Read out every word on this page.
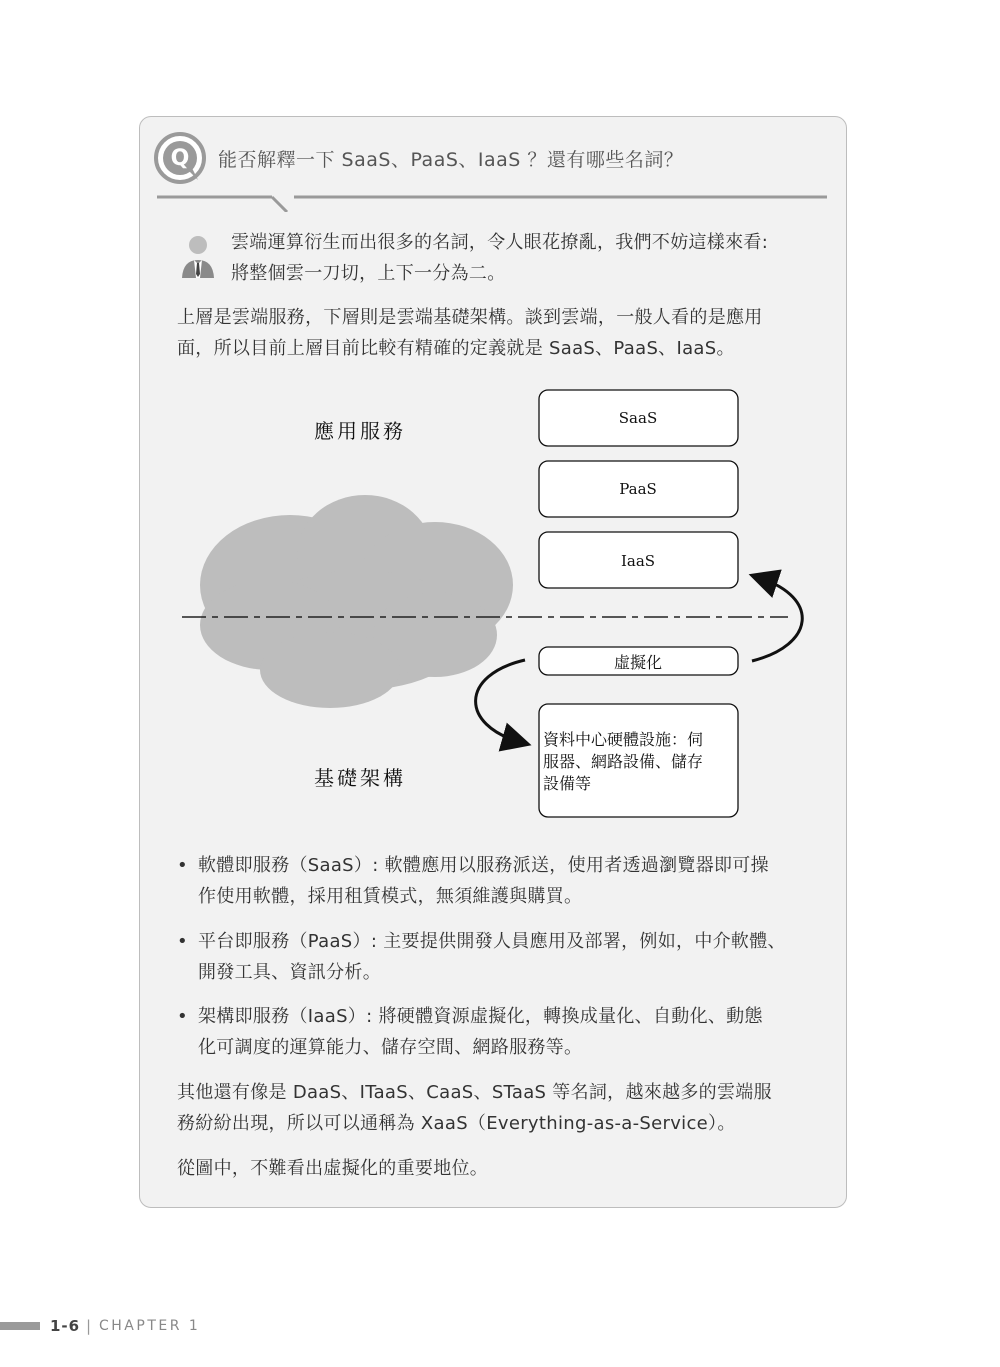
Q 能否解釋一下 SaaS、PaaS、IaaS ？還有哪些名詞？
雲端運算衍生而出很多的名詞，令人眼花撩亂，我們不妨這樣來看:
將整個雲一刀切，上下一分為二。
上層是雲端服務，下層則是雲端基礎架構。談到雲端，一般人看的是應用
面，所以目前上層目前比較有精確的定義就是 SaaS、PaaS、IaaS。
應用服務
基礎架構
SaaS
PaaS
IaaS
虛擬化
資料中心硬體設施：伺
服器、網路設備、儲存
設備等
• 軟體即服務（SaaS）: 軟體應用以服務派送，使用者透過瀏覽器即可操
作使用軟體，採用租賃模式，無須維護與購買。
• 平台即服務（PaaS）: 主要提供開發人員應用及部署，例如，中介軟體、
開發工具、資訊分析。
• 架構即服務（IaaS）: 將硬體資源虛擬化，轉換成量化、自動化、動態
化可調度的運算能力、儲存空間、網路服務等。
其他還有像是 DaaS、ITaaS、CaaS、STaaS 等名詞，越來越多的雲端服
務紛紛出現，所以可以通稱為 XaaS（Everything-as-a-Service）。
從圖中，不難看出虛擬化的重要地位。
1-6 | CHAPTER 1
